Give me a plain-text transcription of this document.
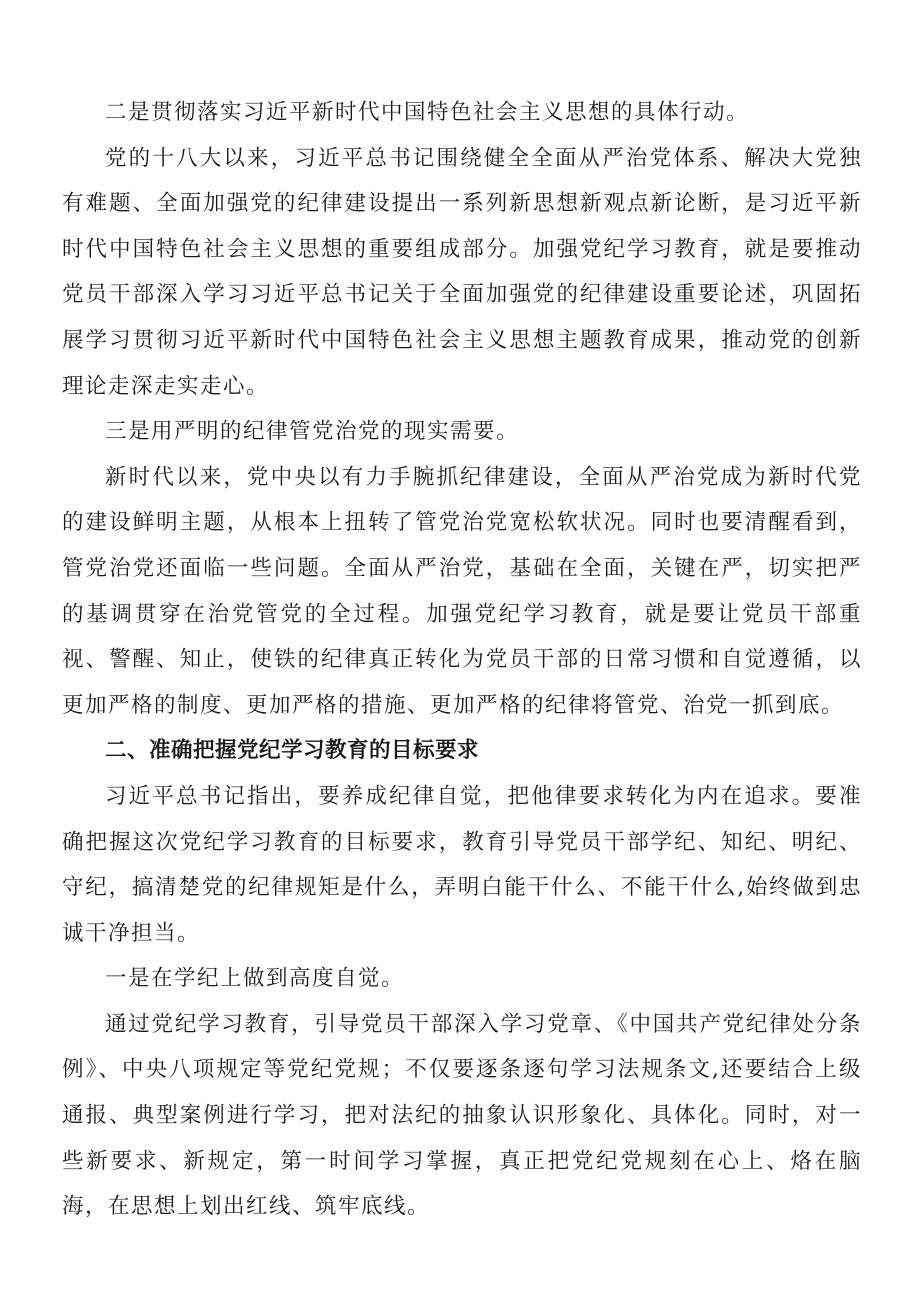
二是贯彻落实习近平新时代中国特色社会主义思想的具体行动。

党的十八大以来，习近平总书记围绕健全全面从严治党体系、解决大党独有难题、全面加强党的纪律建设提出一系列新思想新观点新论断，是习近平新时代中国特色社会主义思想的重要组成部分。加强党纪学习教育，就是要推动党员干部深入学习习近平总书记关于全面加强党的纪律建设重要论述，巩固拓展学习贯彻习近平新时代中国特色社会主义思想主题教育成果，推动党的创新理论走深走实走心。

三是用严明的纪律管党治党的现实需要。

新时代以来，党中央以有力手腕抓纪律建设，全面从严治党成为新时代党的建设鲜明主题，从根本上扭转了管党治党宽松软状况。同时也要清醒看到，管党治党还面临一些问题。全面从严治党，基础在全面，关键在严，切实把严的基调贯穿在治党管党的全过程。加强党纪学习教育，就是要让党员干部重视、警醒、知止，使铁的纪律真正转化为党员干部的日常习惯和自觉遵循，以更加严格的制度、更加严格的措施、更加严格的纪律将管党、治党一抓到底。

二、准确把握党纪学习教育的目标要求

习近平总书记指出，要养成纪律自觉，把他律要求转化为内在追求。要准确把握这次党纪学习教育的目标要求，教育引导党员干部学纪、知纪、明纪、守纪，搞清楚党的纪律规矩是什么，弄明白能干什么、不能干什么,始终做到忠诚干净担当。

一是在学纪上做到高度自觉。

通过党纪学习教育，引导党员干部深入学习党章、《中国共产党纪律处分条例》、中央八项规定等党纪党规；不仅要逐条逐句学习法规条文,还要结合上级通报、典型案例进行学习，把对法纪的抽象认识形象化、具体化。同时，对一些新要求、新规定，第一时间学习掌握，真正把党纪党规刻在心上、烙在脑海，在思想上划出红线、筑牢底线。
